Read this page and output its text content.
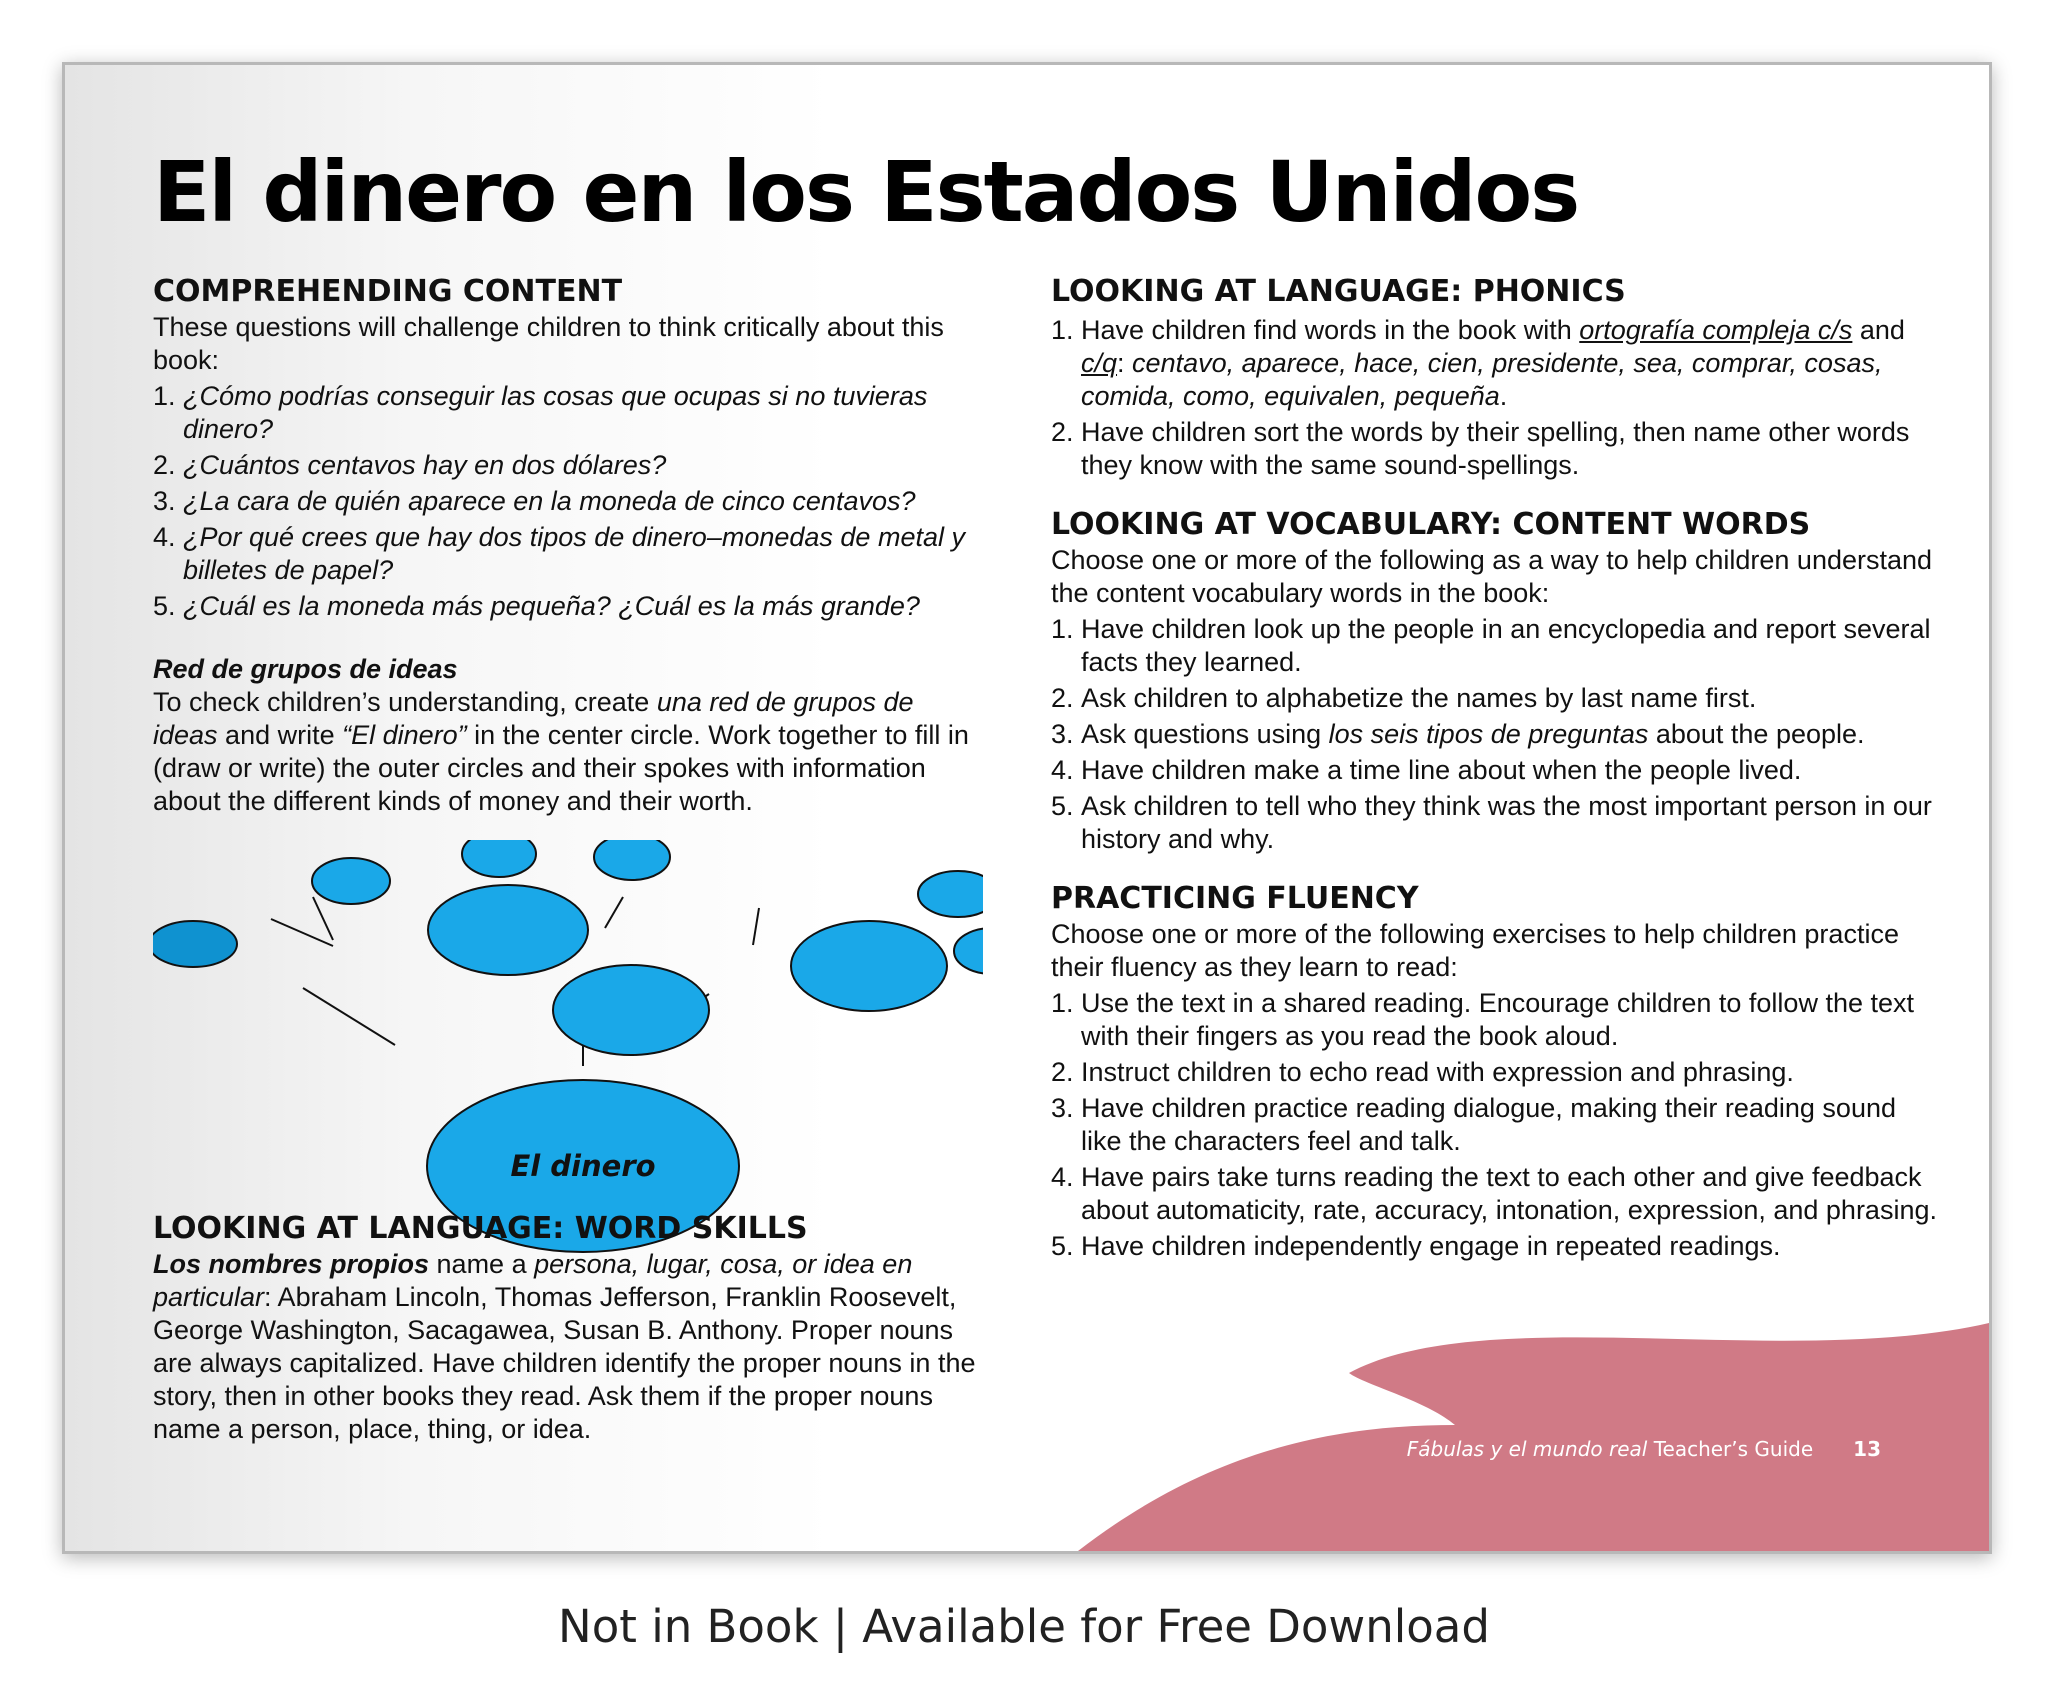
El dinero en los Estados Unidos
COMPREHENDING CONTENT

These questions will challenge children to think critically about this book:

1. ¿Cómo podrías conseguir las cosas que ocupas si no tuvieras dinero?
2. ¿Cuántos centavos hay en dos dólares?
3. ¿La cara de quién aparece en la moneda de cinco centavos?
4. ¿Por qué crees que hay dos tipos de dinero–monedas de metal y billetes de papel?
5. ¿Cuál es la moneda más pequeña? ¿Cuál es la más grande?

Red de grupos de ideas

To check children’s understanding, create una red de grupos de ideas and write “El dinero” in the center circle. Work together to fill in (draw or write) the outer circles and their spokes with information about the different kinds of money and their worth.

El dinero
LOOKING AT LANGUAGE: WORD SKILLS

Los nombres propios name a persona, lugar, cosa, or idea en particular: Abraham Lincoln, Thomas Jefferson, Franklin Roosevelt, George Washington, Sacagawea, Susan B. Anthony. Proper nouns are always capitalized. Have children identify the proper nouns in the story, then in other books they read. Ask them if the proper nouns name a person, place, thing, or idea.

LOOKING AT LANGUAGE: PHONICS
1. Have children find words in the book with ortografía compleja c/s and c/q: centavo, aparece, hace, cien, presidente, sea, comprar, cosas, comida, como, equivalen, pequeña.
2. Have children sort the words by their spelling, then name other words they know with the same sound-spellings.
LOOKING AT VOCABULARY: CONTENT WORDS

Choose one or more of the following as a way to help children understand the content vocabulary words in the book:

1. Have children look up the people in an encyclopedia and report several facts they learned.
2. Ask children to alphabetize the names by last name first.
3. Ask questions using los seis tipos de preguntas about the people.
4. Have children make a time line about when the people lived.
5. Ask children to tell who they think was the most important person in our history and why.
PRACTICING FLUENCY

Choose one or more of the following exercises to help children practice their fluency as they learn to read:

1. Use the text in a shared reading. Encourage children to follow the text with their fingers as you read the book aloud.
2. Instruct children to echo read with expression and phrasing.
3. Have children practice reading dialogue, making their reading sound like the characters feel and talk.
4. Have pairs take turns reading the text to each other and give feedback about automaticity, rate, accuracy, intonation, expression, and phrasing.
5. Have children independently engage in repeated readings.
Fábulas y el mundo real Teacher’s Guide 13
Not in Book | Available for Free Download
